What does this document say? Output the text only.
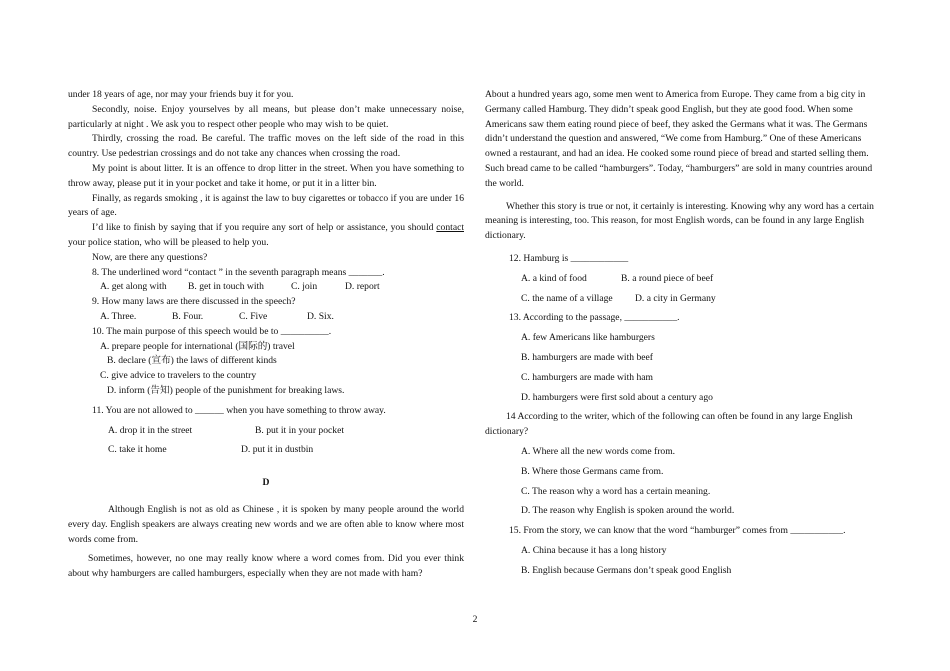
under 18 years of age, nor may your friends buy it for you.

Secondly, noise. Enjoy yourselves by all means, but please don’t make unnecessary noise, particularly at night . We ask you to respect other people who may wish to be quiet.

Thirdly, crossing the road. Be careful. The traffic moves on the left side of the road in this country. Use pedestrian crossings and do not take any chances when crossing the road.

My point is about litter. It is an offence to drop litter in the street. When you have something to throw away, please put it in your pocket and take it home, or put it in a litter bin.

Finally, as regards smoking , it is against the law to buy cigarettes or tobacco if you are under 16 years of age.

I’d like to finish by saying that if you require any sort of help or assistance, you should contact your police station, who will be pleased to help you.

Now, are there any questions?

8. The underlined word “contact ” in the seventh paragraph means _______.

A. get along with	B. get in touch with	C. join	D. report

9. How many laws are there discussed in the speech?

A. Three.	B. Four.	C. Five	D. Six.

10. The main purpose of this speech would be to __________.

A. prepare people for international (国际的) travel

B. declare (宣布) the laws of different kinds

C. give advice to travelers to the country

D. inform (告知) people of the punishment for breaking laws.

11. You are not allowed to ______ when you have something to throw away.

A. drop it in the street	B. put it in your pocket
C. take it home	D. put it in dustbin

D

Although English is not as old as Chinese , it is spoken by many people around the world every day. English speakers are always creating new words and we are often able to know where most words come from.

Sometimes, however, no one may really know where a word comes from. Did you ever think about why hamburgers are called hamburgers, especially when they are not made with ham?

About a hundred years ago, some men went to America from Europe. They came from a big city in Germany called Hamburg. They didn’t speak good English, but they ate good food. When some Americans saw them eating round piece of beef, they asked the Germans what it was. The Germans didn’t understand the question and answered, “We come from Hamburg.” One of these Americans owned a restaurant, and had an idea. He cooked some round piece of bread and started selling them. Such bread came to be called “hamburgers”. Today, “hamburgers” are sold in many countries around the world.

Whether this story is true or not, it certainly is interesting. Knowing why any word has a certain meaning is interesting, too. This reason, for most English words, can be found in any large English dictionary.

12. Hamburg is ____________

A. a kind of food	B. a round piece of beef
C. the name of a village	D. a city in Germany

13. According to the passage, ___________.

A. few Americans like hamburgers

B. hamburgers are made with beef

C. hamburgers are made with ham

D. hamburgers were first sold about a century ago

14 According to the writer, which of the following can often be found in any large English dictionary?

A. Where all the new words come from.

B. Where those Germans came from.

C. The reason why a word has a certain meaning.

D. The reason why English is spoken around the world.

15. From the story, we can know that the word “hamburger” comes from ___________.

A. China because it has a long history

B. English because Germans don’t speak good English

2
